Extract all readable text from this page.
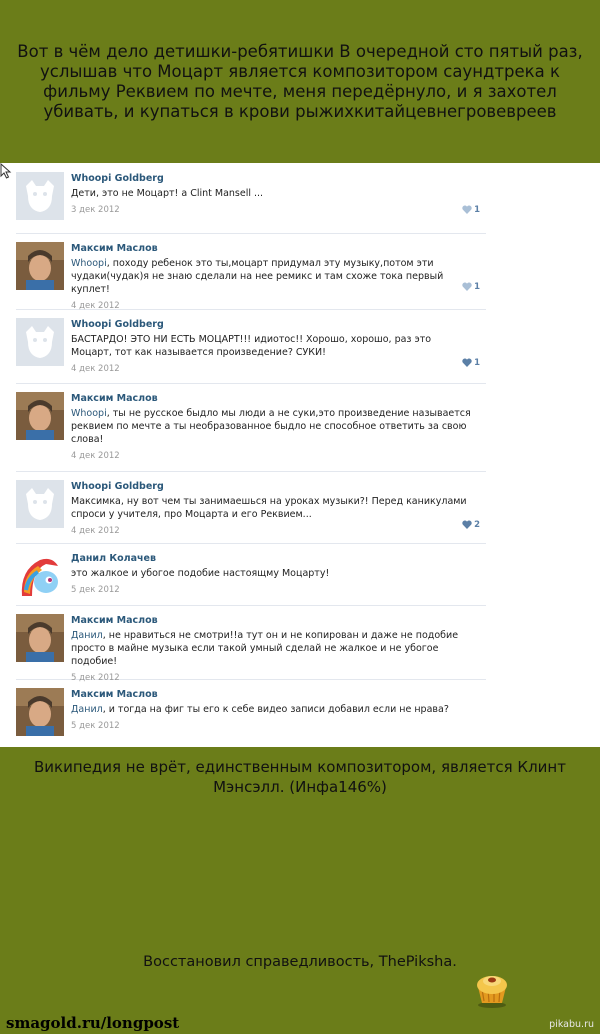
Вот в чём дело детишки-ребятишки В очередной сто пятый раз, услышав что Моцарт является композитором саундтрека к фильму Реквием по мечте, меня передёрнуло, и я захотел убивать, и купаться в крови рыжихкитайцевнегровевреев
Whoopi Goldberg
Дети, это не Моцарт! а Clint Mansell ...
3 дек 2012	1
Максим Маслов
Whoopi, походу ребенок это ты,моцарт придумал эту музыку,потом эти чудаки(чудак)я не знаю сделали на нее ремикс и там схоже тока первый куплет!
4 дек 2012
1
Whoopi Goldberg
БАСТАРДО! ЭТО НИ ЕСТЬ МОЦАРТ!!! идиотос!! Хорошо, хорошо, раз это Моцарт, тот как называется произведение? СУКИ!
4 дек 2012
1
Максим Маслов
Whoopi, ты не русское быдло мы люди а не суки,это произведение называется реквием по мечте а ты необразованное быдло не способное ответить за свою слова!
4 дек 2012
Whoopi Goldberg
Максимка, ну вот чем ты занимаешься на уроках музыки?! Перед каникулами спроси у учителя, про Моцарта и его Реквием...
4 дек 2012
2
Данил Колачев
это жалкое и убогое подобие настоящму Моцарту!
5 дек 2012
Максим Маслов
Данил, не нравиться не смотри!!а тут он и не копирован и даже не подобие просто в майне музыка если такой умный сделай не жалкое и не убогое подобие!
5 дек 2012
Максим Маслов
Данил, и тогда на фиг ты его к себе видео записи добавил если не нрава?
5 дек 2012
Википедия не врёт, единственным композитором, является Клинт Мэнсэлл. (Инфа146%)
Восстановил справедливость, ThePiksha.
smagold.ru/longpost	pikabu.ru
